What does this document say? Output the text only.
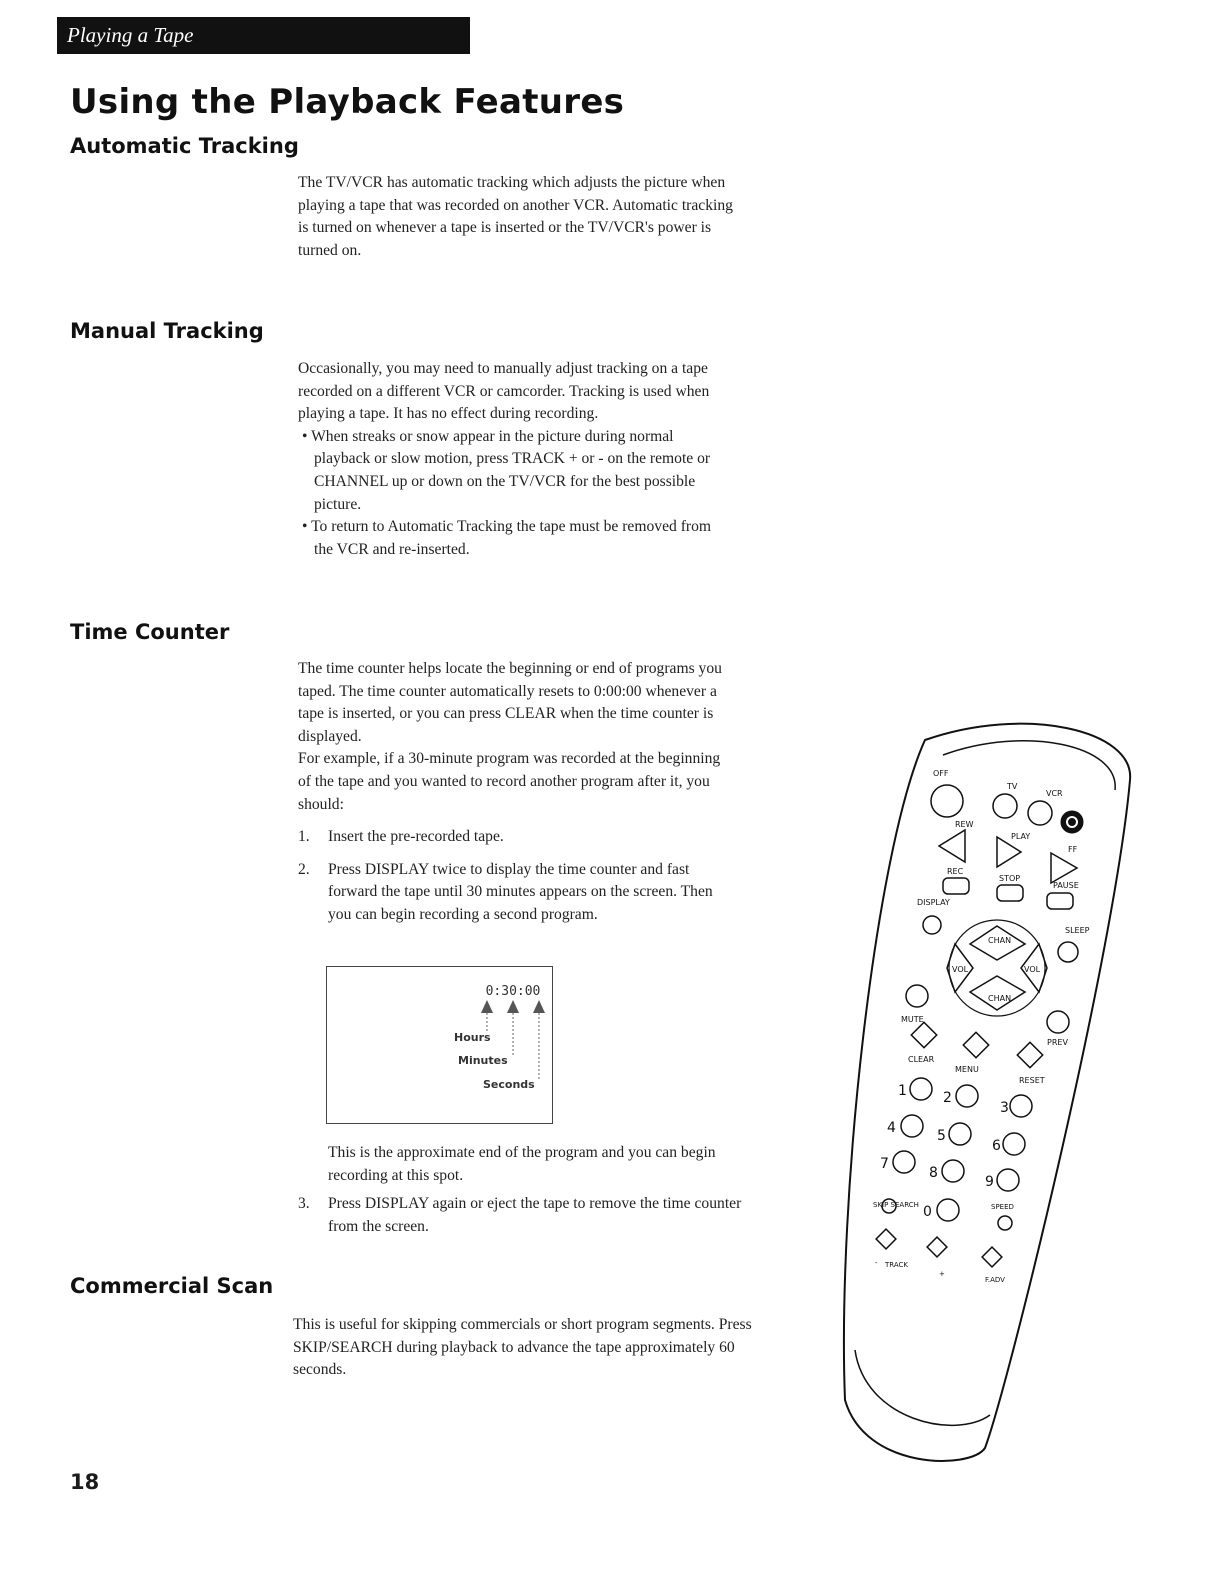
Playing a Tape
Using the Playback Features
Automatic Tracking

The TV/VCR has automatic tracking which adjusts the picture when playing a tape that was recorded on another VCR. Automatic tracking is turned on whenever a tape is inserted or the TV/VCR's power is turned on.

Manual Tracking

Occasionally, you may need to manually adjust tracking on a tape recorded on a different VCR or camcorder. Tracking is used when playing a tape. It has no effect during recording.

• When streaks or snow appear in the picture during normal playback or slow motion, press TRACK + or - on the remote or CHANNEL up or down on the TV/VCR for the best possible picture.

• To return to Automatic Tracking the tape must be removed from the VCR and re-inserted.

Time Counter

The time counter helps locate the beginning or end of programs you taped. The time counter automatically resets to 0:00:00 whenever a tape is inserted, or you can press CLEAR when the time counter is displayed.

For example, if a 30-minute program was recorded at the beginning of the tape and you wanted to record another program after it, you should:

1. Insert the pre-recorded tape.

2. Press DISPLAY twice to display the time counter and fast forward the tape until 30 minutes appears on the screen. Then you can begin recording a second program.

0:30:00
Hours
Minutes
Seconds

This is the approximate end of the program and you can begin recording at this spot.

3. Press DISPLAY again or eject the tape to remove the time counter from the screen.

Commercial Scan

This is useful for skipping commercials or short program segments. Press SKIP/SEARCH during playback to advance the tape approximately 60 seconds.

18
OFF
TV
VCR
REW
PLAY
FF
REC
STOP
PAUSE
DISPLAY
SLEEP
CHAN
CHAN
VOL	VOL
MUTE
PREV
CLEAR
MENU
RESET
1	2
3
4	5
6
7
8
9
0
SKIP SEARCH	SPEED
TRACK
F.ADV
-
+
